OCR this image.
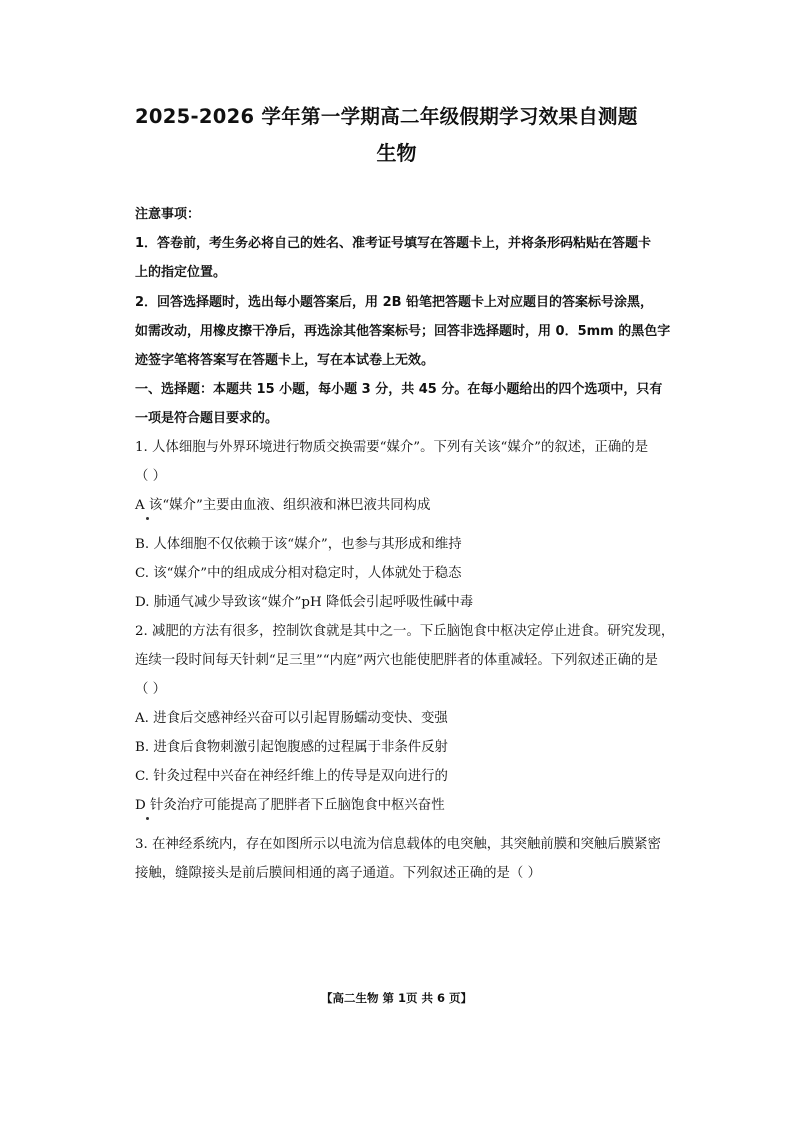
2025-2026 学年第一学期高二年级假期学习效果自测题
生物
注意事项：
1．答卷前，考生务必将自己的姓名、准考证号填写在答题卡上，并将条形码粘贴在答题卡
上的指定位置。
2．回答选择题时，选出每小题答案后，用 2B 铅笔把答题卡上对应题目的答案标号涂黑，
如需改动，用橡皮擦干净后，再选涂其他答案标号；回答非选择题时，用 0．5mm 的黑色字
迹签字笔将答案写在答题卡上，写在本试卷上无效。
一、选择题：本题共 15 小题，每小题 3 分，共 45 分。在每小题给出的四个选项中，只有
一项是符合题目要求的。
1. 人体细胞与外界环境进行物质交换需要“媒介”。下列有关该“媒介”的叙述，正确的是
（ ）
A 该“媒介”主要由血液、组织液和淋巴液共同构成
B. 人体细胞不仅依赖于该“媒介”，也参与其形成和维持
C. 该“媒介”中的组成成分相对稳定时，人体就处于稳态
D. 肺通气减少导致该“媒介”pH 降低会引起呼吸性碱中毒
2. 减肥的方法有很多，控制饮食就是其中之一。下丘脑饱食中枢决定停止进食。研究发现，
连续一段时间每天针刺“足三里”“内庭”两穴也能使肥胖者的体重减轻。下列叙述正确的是
（ ）
A. 进食后交感神经兴奋可以引起胃肠蠕动变快、变强
B. 进食后食物刺激引起饱腹感的过程属于非条件反射
C. 针灸过程中兴奋在神经纤维上的传导是双向进行的
D 针灸治疗可能提高了肥胖者下丘脑饱食中枢兴奋性
3. 在神经系统内，存在如图所示以电流为信息载体的电突触，其突触前膜和突触后膜紧密
接触，缝隙接头是前后膜间相通的离子通道。下列叙述正确的是（ ）
【高二生物 第 1页 共 6 页】
